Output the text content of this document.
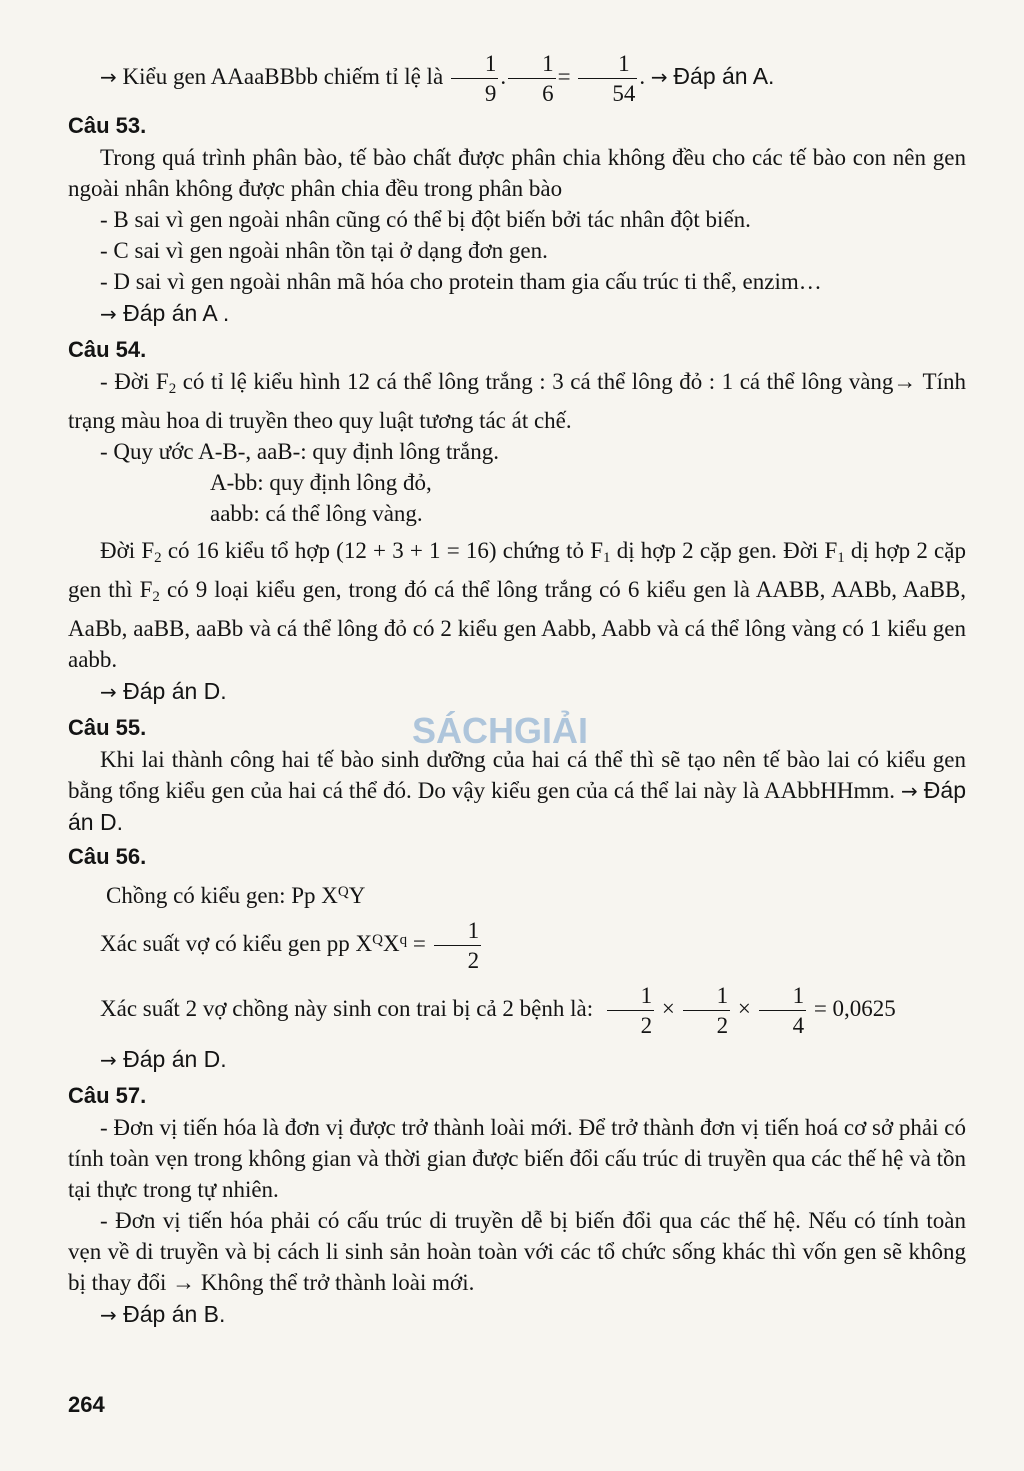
SÁCHGIẢI

→ Kiểu gen AAaaBBbb chiếm tỉ lệ là $\frac{1}{9}$ . $\frac{1}{6} = \frac{1}{54}$ . → Đáp án A.

Câu 53.

Trong quá trình phân bào, tế bào chất được phân chia không đều cho các tế bào con nên gen ngoài nhân không được phân chia đều trong phân bào

- B sai vì gen ngoài nhân cũng có thể bị đột biến bởi tác nhân đột biến.

- C sai vì gen ngoài nhân tồn tại ở dạng đơn gen.

- D sai vì gen ngoài nhân mã hóa cho protein tham gia cấu trúc ti thể, enzim…

→ Đáp án A .

Câu 54.

- Đời $F_2$ có tỉ lệ kiểu hình 12 cá thể lông trắng : 3 cá thể lông đỏ : 1 cá thể lông vàng→ Tính trạng màu hoa di truyền theo quy luật tương tác át chế.

- Quy ước A-B-, aaB-: quy định lông trắng.

A-bb: quy định lông đỏ,

aabb: cá thể lông vàng.

Đời $F_2$ có 16 kiểu tổ hợp (12 + 3 + 1 = 16) chứng tỏ $F_1$ dị hợp 2 cặp gen. Đời $F_1$ dị hợp 2 cặp gen thì $F_2$ có 9 loại kiểu gen, trong đó cá thể lông trắng có 6 kiểu gen là AABB, AABb, AaBB, AaBb, aaBB, aaBb và cá thể lông đỏ có 2 kiểu gen Aabb, Aabb và cá thể lông vàng có 1 kiểu gen aabb.

→ Đáp án D.

Câu 55.

Khi lai thành công hai tế bào sinh dưỡng của hai cá thể thì sẽ tạo nên tế bào lai có kiểu gen bằng tổng kiểu gen của hai cá thể đó. Do vậy kiểu gen của cá thể lai này là AAbbHHmm. → Đáp án D.

Câu 56.

Chồng có kiểu gen: Pp $X^QY$

Xác suất vợ có kiểu gen pp $X^QX^q = \frac{1}{2}$

Xác suất 2 vợ chồng này sinh con trai bị cả 2 bệnh là: $\frac{1}{2} \times \frac{1}{2} \times \frac{1}{4} = 0,0625$

→ Đáp án D.

Câu 57.

- Đơn vị tiến hóa là đơn vị được trở thành loài mới. Để trở thành đơn vị tiến hoá cơ sở phải có tính toàn vẹn trong không gian và thời gian được biến đổi cấu trúc di truyền qua các thế hệ và tồn tại thực trong tự nhiên.

- Đơn vị tiến hóa phải có cấu trúc di truyền dễ bị biến đổi qua các thế hệ. Nếu có tính toàn vẹn về di truyền và bị cách li sinh sản hoàn toàn với các tổ chức sống khác thì vốn gen sẽ không bị thay đổi → Không thể trở thành loài mới.

→ Đáp án B.

264
